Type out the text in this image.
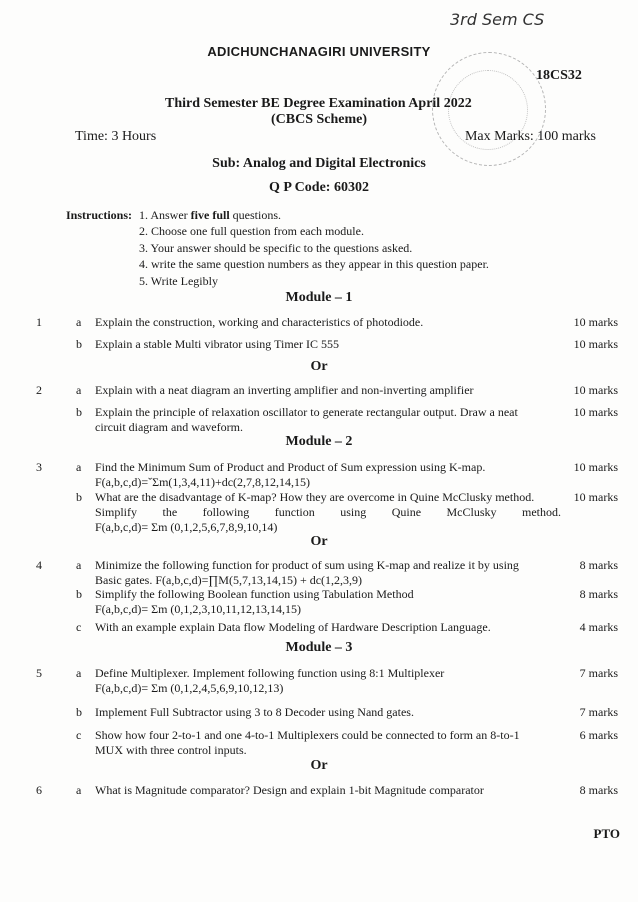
3rd Sem CS
ADICHUNCHANAGIRI UNIVERSITY
18CS32
Third Semester BE Degree Examination April 2022
(CBCS Scheme)
Time: 3 Hours	Max Marks: 100 marks
Sub: Analog and Digital Electronics
Q P Code: 60302
Instructions: 1. Answer five full questions.
2. Choose one full question from each module.
3. Your answer should be specific to the questions asked.
4. write the same question numbers as they appear in this question paper.
5. Write Legibly
Module – 1
1	a Explain the construction, working and characteristics of photodiode.	10 marks
b Explain a stable Multi vibrator using Timer IC 555	10 marks
Or
2	a Explain with a neat diagram an inverting amplifier and non-inverting amplifier	10 marks
b Explain the principle of relaxation oscillator to generate rectangular output. Draw a neat
circuit diagram and waveform.
10 marks
Module – 2
3	a Find the Minimum Sum of Product and Product of Sum expression using K-map.
F(a,b,c,d)=ˇΣm(1,3,4,11)+dc(2,7,8,12,14,15)
10 marks
b What are the disadvantage of K-map? How they are overcome in Quine McClusky method.
Simplify the following function using Quine McClusky method.
F(a,b,c,d)= Σm (0,1,2,5,6,7,8,9,10,14)
10 marks
Or
4	a Minimize the following function for product of sum using K-map and realize it by using
Basic gates. F(a,b,c,d)=∏M(5,7,13,14,15) + dc(1,2,3,9)
8 marks
b Simplify the following Boolean function using Tabulation Method
F(a,b,c,d)= Σm (0,1,2,3,10,11,12,13,14,15)
8 marks
c With an example explain Data flow Modeling of Hardware Description Language.	4 marks
Module – 3
5	a Define Multiplexer. Implement following function using 8:1 Multiplexer
F(a,b,c,d)= Σm (0,1,2,4,5,6,9,10,12,13)
7 marks
b Implement Full Subtractor using 3 to 8 Decoder using Nand gates.	7 marks
c Show how four 2-to-1 and one 4-to-1 Multiplexers could be connected to form an 8-to-1
MUX with three control inputs.
6 marks
Or
6	a What is Magnitude comparator? Design and explain 1-bit Magnitude comparator	8 marks
PTO
